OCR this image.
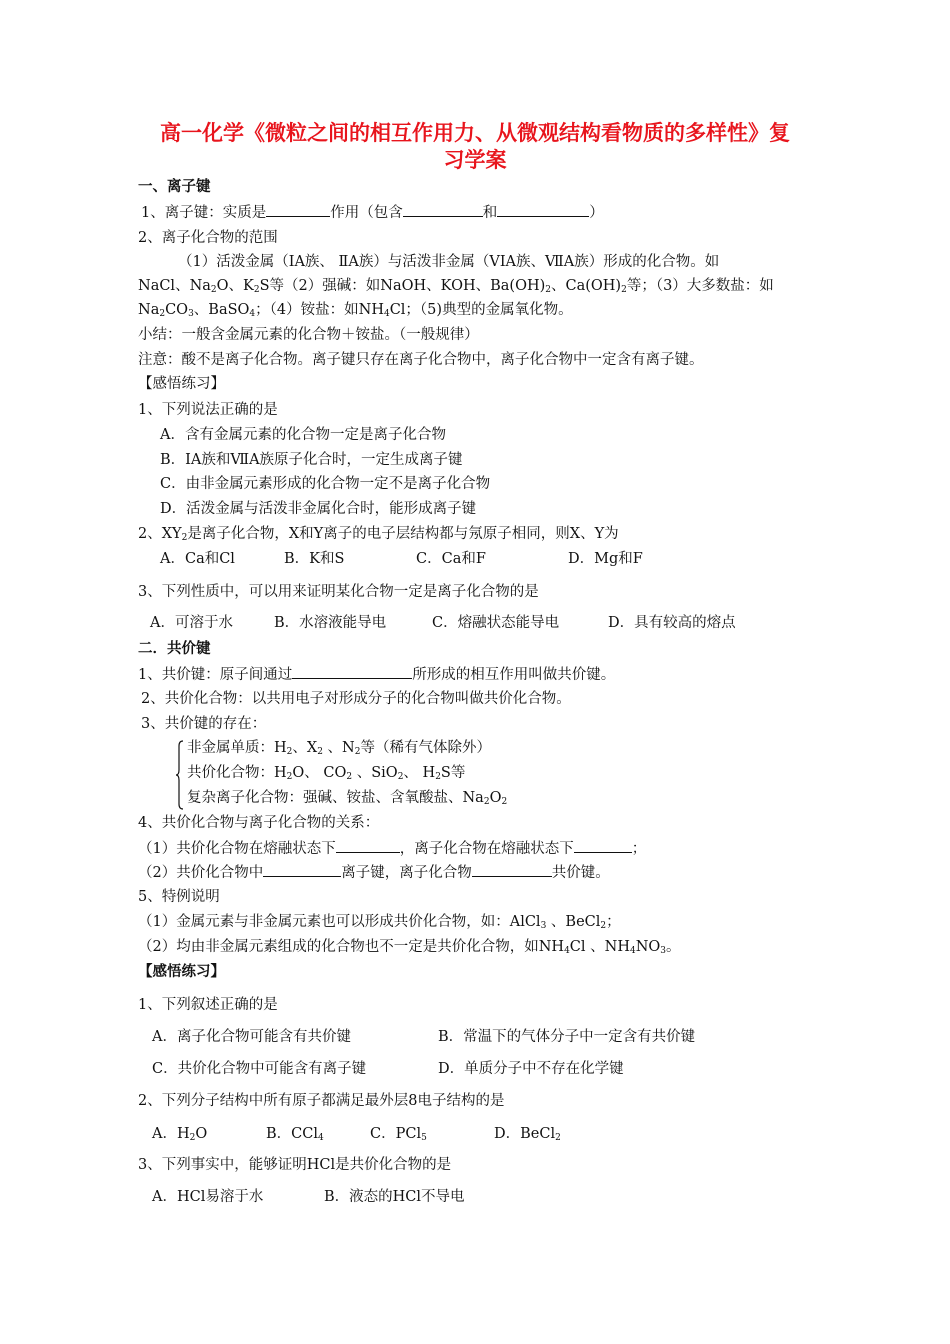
高一化学《微粒之间的相互作用力、从微观结构看物质的多样性》复
习学案
一、离子键
1、离子键：实质是	作用（包含	和	）
2、离子化合物的范围
（1）活泼金属（ⅠA族、 ⅡA族）与活泼非金属（VIA族、ⅦA族）形成的化合物。如
NaCl、$Na_2O$、$K_2S$等（2）强碱：如NaOH、KOH、$Ba(OH)_2$、$Ca(OH)_2$等；（3）大多数盐：如
$Na_2CO_3$、BaSO$_4$；（4）铵盐：如$NH_4Cl$；（5)典型的金属氧化物。
小结：一般含金属元素的化合物＋铵盐。（一般规律）
注意：酸不是离子化合物。离子键只存在离子化合物中，离子化合物中一定含有离子键。
【感悟练习】
1、下列说法正确的是
A．含有金属元素的化合物一定是离子化合物
B．ⅠA族和ⅦA族原子化合时，一定生成离子键
C．由非金属元素形成的化合物一定不是离子化合物
D．活泼金属与活泼非金属化合时，能形成离子键
2、$XY_2$是离子化合物，X和Y离子的电子层结构都与氖原子相同，则X、Y为
A．Ca和Cl	B．K和S	C．Ca和F	D．Mg和F
3、下列性质中，可以用来证明某化合物一定是离子化合物的是
A．可溶于水	B．水溶液能导电	C．熔融状态能导电	D．具有较高的熔点
二．共价键
1、共价键：原子间通过	所形成的相互作用叫做共价键。
2、共价化合物：以共用电子对形成分子的化合物叫做共价化合物。
3、共价键的存在：
非金属单质：$H_2$、$X_2$ 、$N_2$等（稀有气体除外）
共价化合物：$H_2O$、 $CO_2$ 、SiO$_2$、 $H_2S$等
复杂离子化合物：强碱、铵盐、含氧酸盐、$Na_2O_2$
4、共价化合物与离子化合物的关系：
（1）共价化合物在熔融状态下	，离子化合物在熔融状态下	；
（2）共价化合物中	离子键，离子化合物	共价键。
5、特例说明
（1）金属元素与非金属元素也可以形成共价化合物，如：AlCl$_3$ 、BeCl$_2$；
（2）均由非金属元素组成的化合物也不一定是共价化合物，如$NH_4Cl$ 、$NH_4NO_3$。
【感悟练习】
1、下列叙述正确的是
A．离子化合物可能含有共价键	B．常温下的气体分子中一定含有共价键
C．共价化合物中可能含有离子键	D．单质分子中不存在化学键
2、下列分子结构中所有原子都满足最外层8电子结构的是
A．$H_2O$	B．CCl$_4$	C．PCl$_5$	D．BeCl$_2$
3、下列事实中，能够证明HCl是共价化合物的是
A．HCl易溶于水	B．液态的HCl不导电
